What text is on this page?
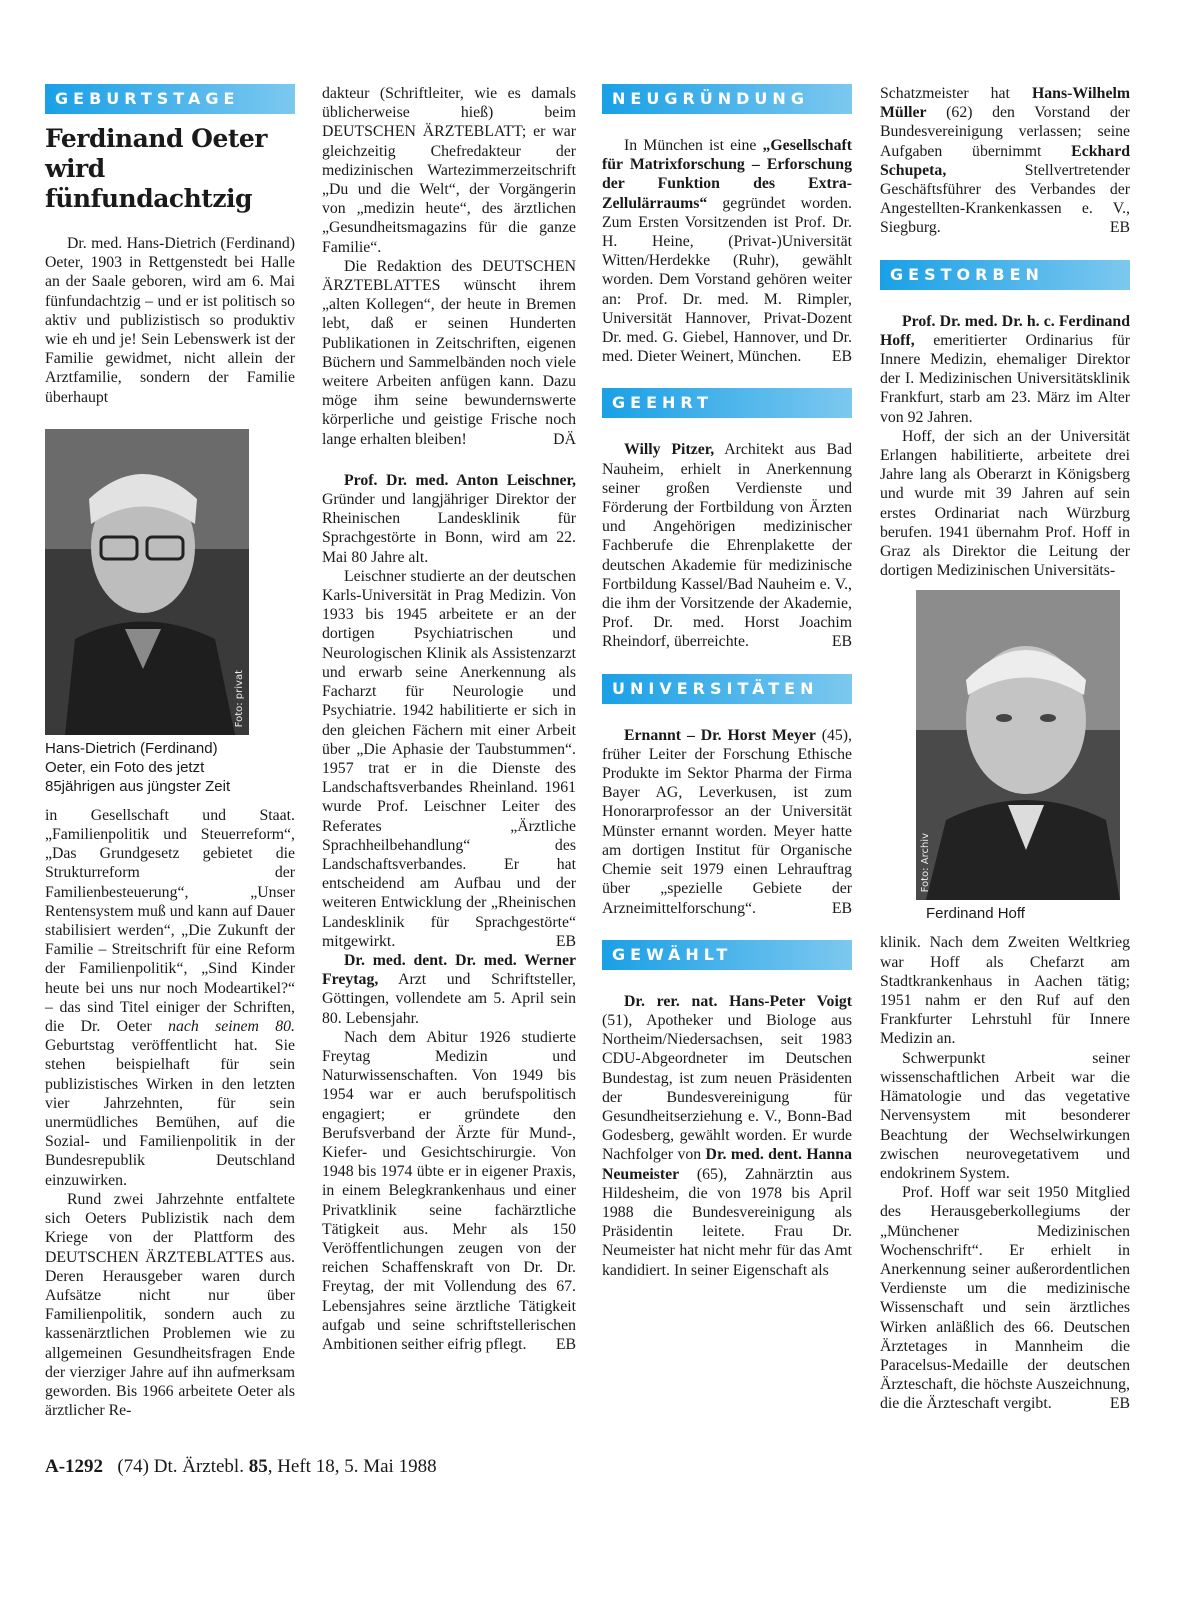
GEBURTSTAGE
Ferdinand Oeter
wird fünfundachtzig

Dr. med. Hans-Dietrich (Ferdinand) Oeter, 1903 in Rettgenstedt bei Halle an der Saale geboren, wird am 6. Mai fünfundachtzig – und er ist politisch so aktiv und publizistisch so produktiv wie eh und je! Sein Lebenswerk ist der Familie gewidmet, nicht allein der Arztfamilie, sondern der Familie überhaupt

Foto: privat
Hans-Dietrich (Ferdinand) Oeter, ein Foto des jetzt 85jährigen aus jüngster Zeit

in Gesellschaft und Staat. „Familienpolitik und Steuerreform“, „Das Grundgesetz gebietet die Strukturreform der Familienbesteuerung“, „Unser Rentensystem muß und kann auf Dauer stabilisiert werden“, „Die Zukunft der Familie – Streitschrift für eine Reform der Familienpolitik“, „Sind Kinder heute bei uns nur noch Modeartikel?“ – das sind Titel einiger der Schriften, die Dr. Oeter nach seinem 80. Geburtstag veröffentlicht hat. Sie stehen beispielhaft für sein publizistisches Wirken in den letzten vier Jahrzehnten, für sein unermüdliches Bemühen, auf die Sozial- und Familienpolitik in der Bundesrepublik Deutschland einzuwirken.

Rund zwei Jahrzehnte entfaltete sich Oeters Publizistik nach dem Kriege von der Plattform des DEUTSCHEN ÄRZTEBLATTES aus. Deren Herausgeber waren durch Aufsätze nicht nur über Familienpolitik, sondern auch zu kassenärztlichen Problemen wie zu allgemeinen Gesundheitsfragen Ende der vierziger Jahre auf ihn aufmerksam geworden. Bis 1966 arbeitete Oeter als ärztlicher Re-

dakteur (Schriftleiter, wie es damals üblicherweise hieß) beim DEUTSCHEN ÄRZTEBLATT; er war gleichzeitig Chefredakteur der medizinischen Wartezimmerzeitschrift „Du und die Welt“, der Vorgängerin von „medizin heute“, des ärztlichen „Gesundheitsmagazins für die ganze Familie“.

Die Redaktion des DEUTSCHEN ÄRZTEBLATTES wünscht ihrem „alten Kollegen“, der heute in Bremen lebt, daß er seinen Hunderten Publikationen in Zeitschriften, eigenen Büchern und Sammelbänden noch viele weitere Arbeiten anfügen kann. Dazu möge ihm seine bewundernswerte körperliche und geistige Frische noch lange erhalten bleiben!	DÄ

Prof. Dr. med. Anton Leischner, Gründer und langjähriger Direktor der Rheinischen Landesklinik für Sprachgestörte in Bonn, wird am 22. Mai 80 Jahre alt.

Leischner studierte an der deutschen Karls-Universität in Prag Medizin. Von 1933 bis 1945 arbeitete er an der dortigen Psychiatrischen und Neurologischen Klinik als Assistenzarzt und erwarb seine Anerkennung als Facharzt für Neurologie und Psychiatrie. 1942 habilitierte er sich in den gleichen Fächern mit einer Arbeit über „Die Aphasie der Taubstummen“. 1957 trat er in die Dienste des Landschaftsverbandes Rheinland. 1961 wurde Prof. Leischner Leiter des Referates „Ärztliche Sprachheilbehandlung“ des Landschaftsverbandes. Er hat entscheidend am Aufbau und der weiteren Entwicklung der „Rheinischen Landesklinik für Sprachgestörte“ mitgewirkt.	EB

Dr. med. dent. Dr. med. Werner Freytag, Arzt und Schriftsteller, Göttingen, vollendete am 5. April sein 80. Lebensjahr.

Nach dem Abitur 1926 studierte Freytag Medizin und Naturwissenschaften. Von 1949 bis 1954 war er auch berufspolitisch engagiert; er gründete den Berufsverband der Ärzte für Mund-, Kiefer- und Gesichtschirurgie. Von 1948 bis 1974 übte er in eigener Praxis, in einem Belegkrankenhaus und einer Privatklinik seine fachärztliche Tätigkeit aus. Mehr als 150 Veröffentlichungen zeugen von der reichen Schaffenskraft von Dr. Dr. Freytag, der mit Vollendung des 67. Lebensjahres seine ärztliche Tätigkeit aufgab und seine schriftstellerischen Ambitionen seither eifrig pflegt.	EB

NEUGRÜNDUNG

In München ist eine „Gesellschaft für Matrixforschung – Erforschung der Funktion des Extra-Zellulärraums“ gegründet worden. Zum Ersten Vorsitzenden ist Prof. Dr. H. Heine, (Privat-)Universität Witten/Herdekke (Ruhr), gewählt worden. Dem Vorstand gehören weiter an: Prof. Dr. med. M. Rimpler, Universität Hannover, Privat-Dozent Dr. med. G. Giebel, Hannover, und Dr. med. Dieter Weinert, München.	EB

GEEHRT

Willy Pitzer, Architekt aus Bad Nauheim, erhielt in Anerkennung seiner großen Verdienste und Förderung der Fortbildung von Ärzten und Angehörigen medizinischer Fachberufe die Ehrenplakette der deutschen Akademie für medizinische Fortbildung Kassel/Bad Nauheim e. V., die ihm der Vorsitzende der Akademie, Prof. Dr. med. Horst Joachim Rheindorf, überreichte.	EB

UNIVERSITÄTEN

Ernannt – Dr. Horst Meyer (45), früher Leiter der Forschung Ethische Produkte im Sektor Pharma der Firma Bayer AG, Leverkusen, ist zum Honorarprofessor an der Universität Münster ernannt worden. Meyer hatte am dortigen Institut für Organische Chemie seit 1979 einen Lehrauftrag über „spezielle Gebiete der Arzneimittelforschung“.	EB

GEWÄHLT

Dr. rer. nat. Hans-Peter Voigt (51), Apotheker und Biologe aus Northeim/Niedersachsen, seit 1983 CDU-Abgeordneter im Deutschen Bundestag, ist zum neuen Präsidenten der Bundesvereinigung für Gesundheitserziehung e. V., Bonn-Bad Godesberg, gewählt worden. Er wurde Nachfolger von Dr. med. dent. Hanna Neumeister (65), Zahnärztin aus Hildesheim, die von 1978 bis April 1988 die Bundesvereinigung als Präsidentin leitete. Frau Dr. Neumeister hat nicht mehr für das Amt kandidiert. In seiner Eigenschaft als

Schatzmeister hat Hans-Wilhelm Müller (62) den Vorstand der Bundesvereinigung verlassen; seine Aufgaben übernimmt Eckhard Schupeta,	Stellvertretender Geschäftsführer des Verbandes der Angestellten-Krankenkassen e. V., Siegburg.	EB

GESTORBEN

Prof. Dr. med. Dr. h. c. Ferdinand Hoff, emeritierter Ordinarius für Innere Medizin, ehemaliger Direktor der I. Medizinischen Universitätsklinik Frankfurt, starb am 23. März im Alter von 92 Jahren.

Hoff, der sich an der Universität Erlangen habilitierte, arbeitete drei Jahre lang als Oberarzt in Königsberg und wurde mit 39 Jahren auf sein erstes Ordinariat nach Würzburg berufen. 1941 übernahm Prof. Hoff in Graz als Direktor die Leitung der dortigen Medizinischen Universitäts-

Foto: Archiv
Ferdinand Hoff

klinik. Nach dem Zweiten Weltkrieg war Hoff als Chefarzt am Stadtkrankenhaus in Aachen tätig; 1951 nahm er den Ruf auf den Frankfurter Lehrstuhl für Innere Medizin an.

Schwerpunkt seiner wissenschaftlichen Arbeit war die Hämatologie und das vegetative Nervensystem mit besonderer Beachtung der Wechselwirkungen zwischen neurovegetativem und endokrinem System.

Prof. Hoff war seit 1950 Mitglied des Herausgeberkollegiums der „Münchener Medizinischen Wochenschrift“. Er erhielt in Anerkennung seiner außerordentlichen Verdienste um die medizinische Wissenschaft und sein ärztliches Wirken anläßlich des 66. Deutschen Ärztetages in Mannheim die Paracelsus-Medaille der deutschen Ärzteschaft, die höchste Auszeichnung, die die Ärzteschaft vergibt.	EB

A-1292 (74) Dt. Ärztebl. 85, Heft 18, 5. Mai 1988
